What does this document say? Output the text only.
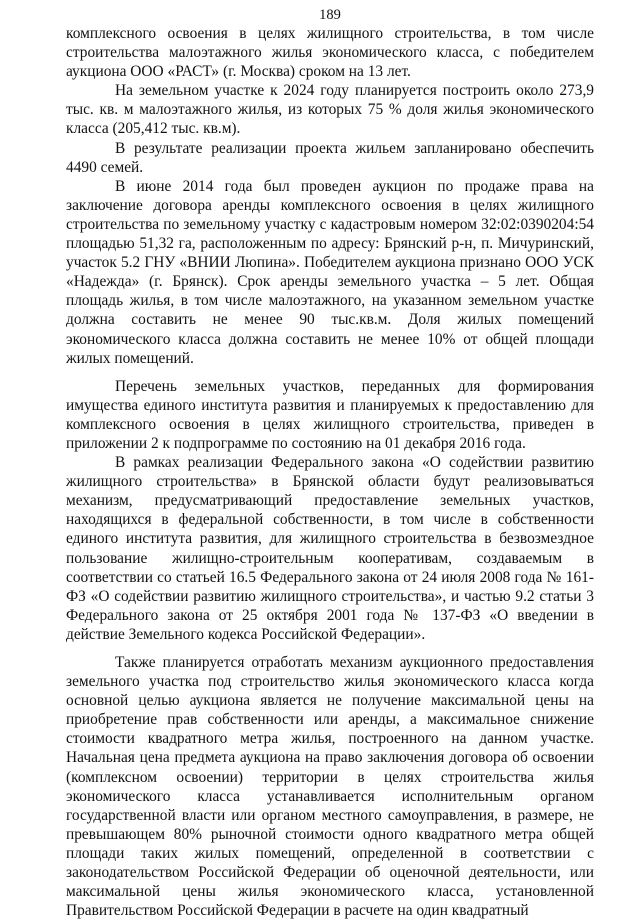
189

комплексного освоения в целях жилищного строительства, в том числе строительства малоэтажного жилья экономического класса, с победителем аукциона ООО «РАСТ» (г. Москва) сроком на 13 лет.

На земельном участке к 2024 году планируется построить около 273,9 тыс. кв. м малоэтажного жилья, из которых 75 % доля жилья экономического класса (205,412 тыс. кв.м).

В результате реализации проекта жильем запланировано обеспечить 4490 семей.

В июне 2014 года был проведен аукцион по продаже права на заключение договора аренды комплексного освоения в целях жилищного строительства по земельному участку с кадастровым номером 32:02:0390204:54 площадью 51,32 га, расположенным по адресу: Брянский р-н, п. Мичуринский, участок 5.2 ГНУ «ВНИИ Люпина». Победителем аукциона признано ООО УСК «Надежда» (г. Брянск). Срок аренды земельного участка – 5 лет. Общая площадь жилья, в том числе малоэтажного, на указанном земельном участке должна составить не менее 90 тыс.кв.м. Доля жилых помещений экономического класса должна составить не менее 10% от общей площади жилых помещений.

Перечень земельных участков, переданных для формирования имущества единого института развития и планируемых к предоставлению для комплексного освоения в целях жилищного строительства, приведен в приложении 2 к подпрограмме по состоянию на 01 декабря 2016 года.

В рамках реализации Федерального закона «О содействии развитию жилищного строительства» в Брянской области будут реализовываться механизм, предусматривающий предоставление земельных участков, находящихся в федеральной собственности, в том числе в собственности единого института развития, для жилищного строительства в безвозмездное пользование жилищно-строительным кооперативам, создаваемым в соответствии со статьей 16.5 Федерального закона от 24 июля 2008 года № 161-ФЗ «О содействии развитию жилищного строительства», и частью 9.2 статьи 3 Федерального закона от 25 октября 2001 года № 137-ФЗ «О введении в действие Земельного кодекса Российской Федерации».

Также планируется отработать механизм аукционного предоставления земельного участка под строительство жилья экономического класса когда основной целью аукциона является не получение максимальной цены на приобретение прав собственности или аренды, а максимальное снижение стоимости квадратного метра жилья, построенного на данном участке. Начальная цена предмета аукциона на право заключения договора об освоении (комплексном освоении) территории в целях строительства жилья экономического класса устанавливается исполнительным органом государственной власти или органом местного самоуправления, в размере, не превышающем 80% рыночной стоимости одного квадратного метра общей площади таких жилых помещений, определенной в соответствии с законодательством Российской Федерации об оценочной деятельности, или максимальной цены жилья экономического класса, установленной Правительством Российской Федерации в расчете на один квадратный
